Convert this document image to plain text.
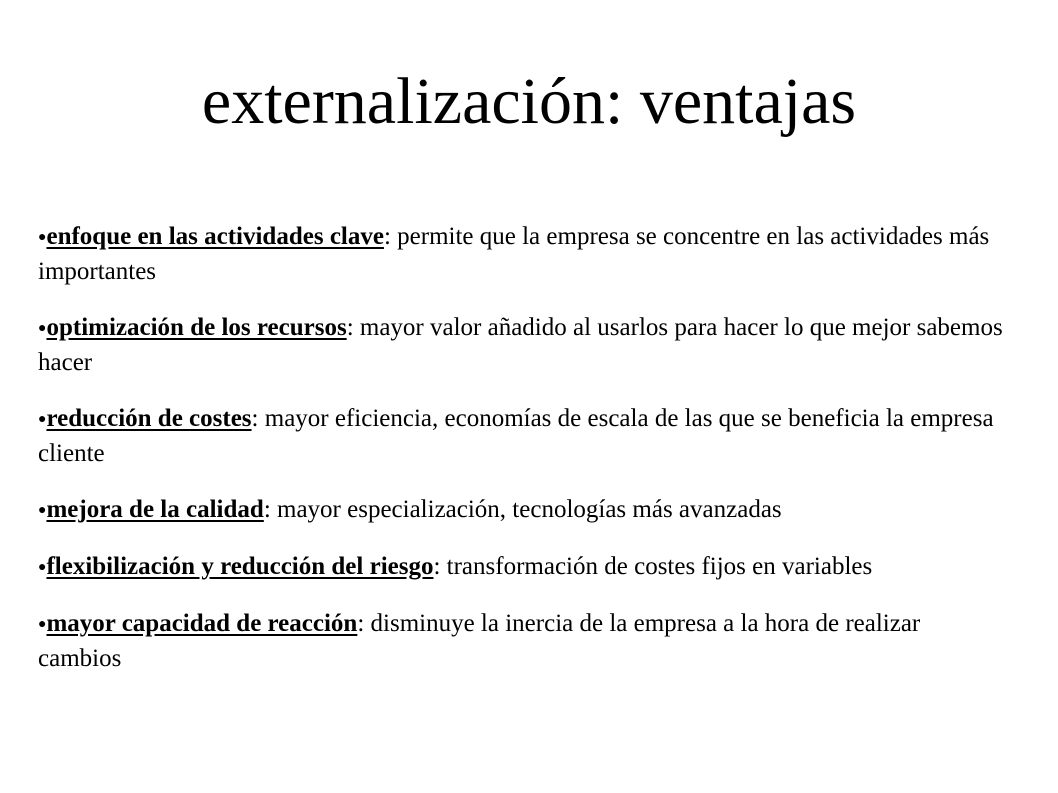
externalización: ventajas
●enfoque en las actividades clave: permite que la empresa se concentre en las actividades más importantes
●optimización de los recursos: mayor valor añadido al usarlos para hacer lo que mejor sabemos hacer
●reducción de costes: mayor eficiencia, economías de escala de las que se beneficia la empresa cliente
●mejora de la calidad: mayor especialización, tecnologías más avanzadas
●flexibilización y reducción del riesgo: transformación de costes fijos en variables
●mayor capacidad de reacción: disminuye la inercia de la empresa a la hora de realizar cambios
